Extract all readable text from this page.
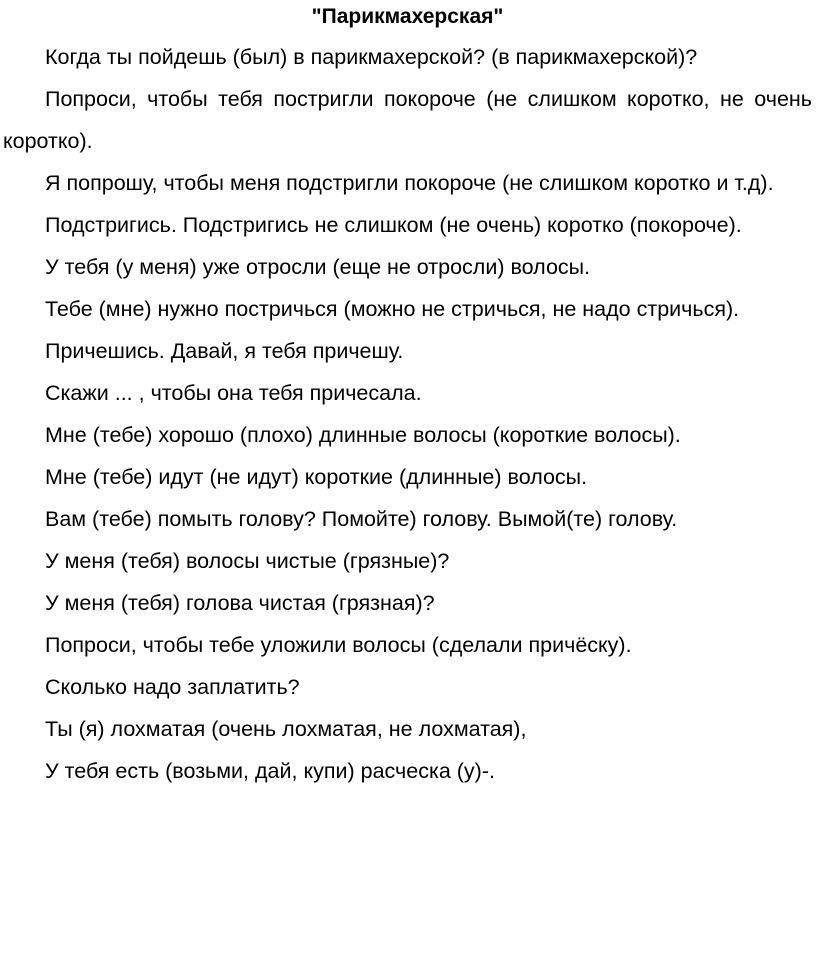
"Парикмахерская"

Когда ты пойдешь (был) в парикмахерской? (в парикмахерской)?

Попроси, чтобы тебя постригли покороче (не слишком коротко, не очень коротко).

Я попрошу, чтобы меня подстригли покороче (не слишком коротко и т.д).

Подстригись. Подстригись не слишком (не очень) коротко (покороче).

У тебя (у меня) уже отросли (еще не отросли) волосы.

Тебе (мне) нужно постричься (можно не стричься, не надо стричься).

Причешись. Давай, я тебя причешу.

Скажи ... , чтобы она тебя причесала.

Мне (тебе) хорошо (плохо) длинные волосы (короткие волосы).

Мне (тебе) идут (не идут) короткие (длинные) волосы.

Вам (тебе) помыть голову? Помойте) голову. Вымой(те) голову.

У меня (тебя) волосы чистые (грязные)?

У меня (тебя) голова чистая (грязная)?

Попроси, чтобы тебе уложили волосы (сделали причёску).

Сколько надо заплатить?

Ты (я) лохматая (очень лохматая, не лохматая),

У тебя есть (возьми, дай, купи) расческа (у)-.
